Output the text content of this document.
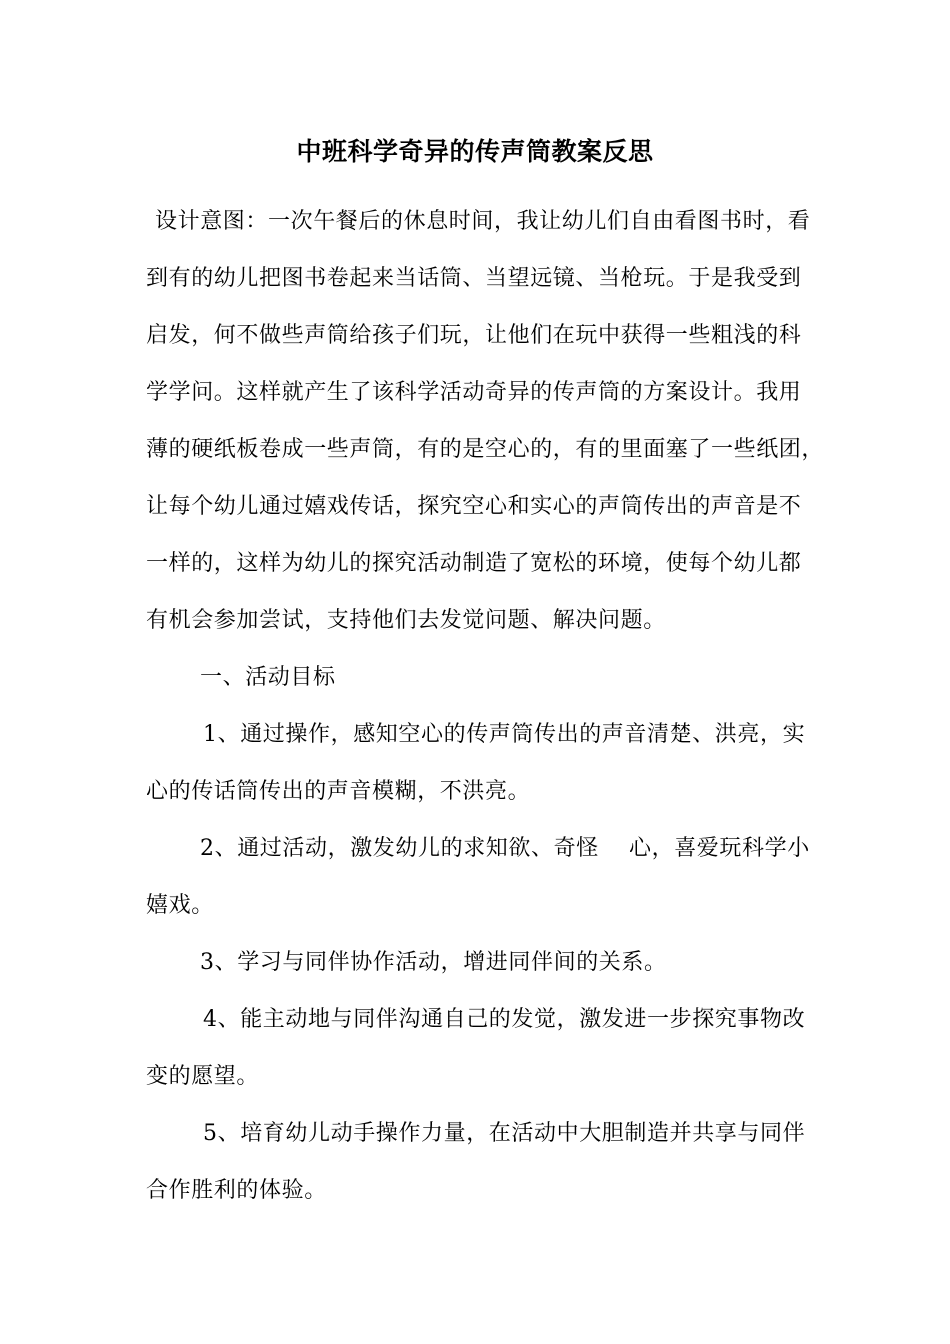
中班科学奇异的传声筒教案反思
设计意图：一次午餐后的休息时间，我让幼儿们自由看图书时，看
到有的幼儿把图书卷起来当话筒、当望远镜、当枪玩。于是我受到
启发，何不做些声筒给孩子们玩，让他们在玩中获得一些粗浅的科
学学问。这样就产生了该科学活动奇异的传声筒的方案设计。我用
薄的硬纸板卷成一些声筒，有的是空心的，有的里面塞了一些纸团，
让每个幼儿通过嬉戏传话，探究空心和实心的声筒传出的声音是不
一样的，这样为幼儿的探究活动制造了宽松的环境，使每个幼儿都
有机会参加尝试，支持他们去发觉问题、解决问题。
一、活动目标
1、通过操作，感知空心的传声筒传出的声音清楚、洪亮，实
心的传话筒传出的声音模糊，不洪亮。
2、通过活动，激发幼儿的求知欲、奇怪　 心，喜爱玩科学小
嬉戏。
3、学习与同伴协作活动，增进同伴间的关系。
4、能主动地与同伴沟通自己的发觉，激发进一步探究事物改
变的愿望。
5、培育幼儿动手操作力量，在活动中大胆制造并共享与同伴
合作胜利的体验。
